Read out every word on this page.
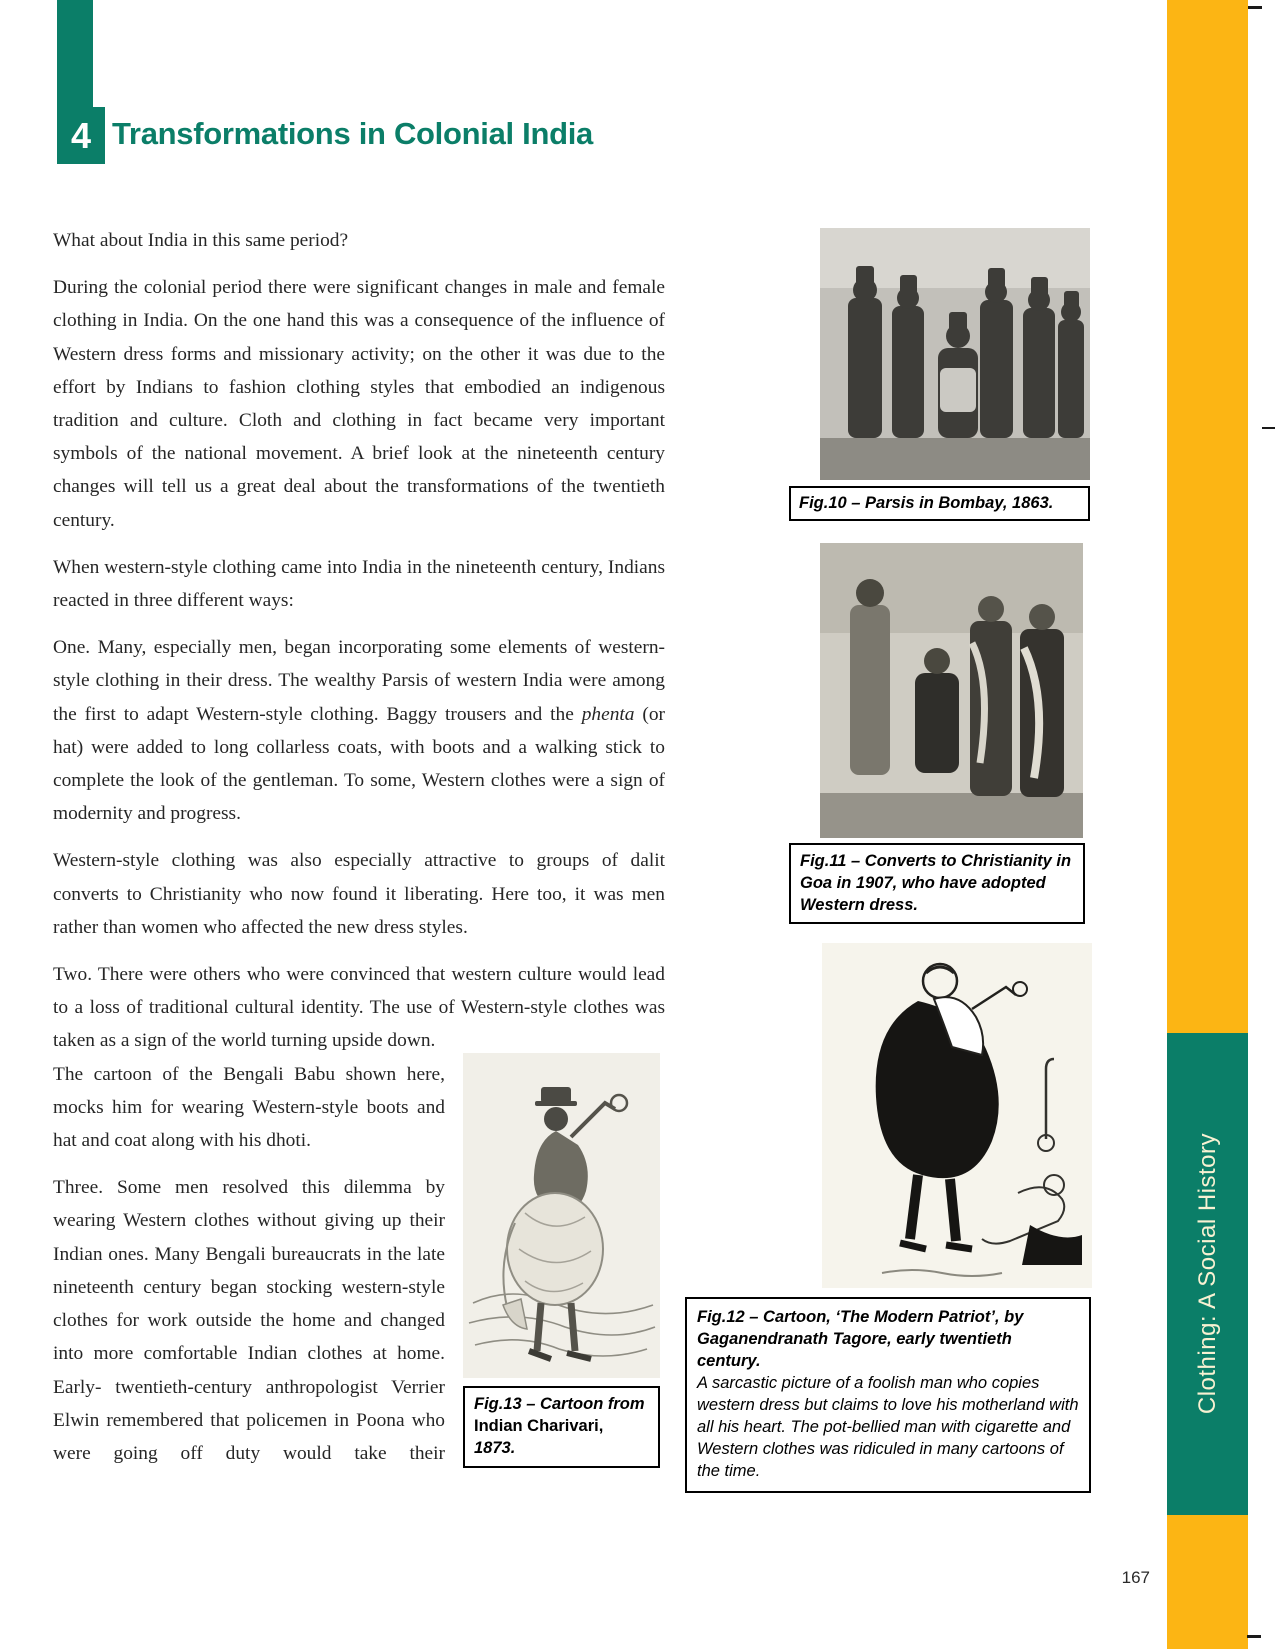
Clothing: A Social History
4 Transformations in Colonial India

What about India in this same period?

During the colonial period there were significant changes in male and female clothing in India. On the one hand this was a consequence of the influence of Western dress forms and missionary activity; on the other it was due to the effort by Indians to fashion clothing styles that embodied an indigenous tradition and culture. Cloth and clothing in fact became very important symbols of the national movement. A brief look at the nineteenth century changes will tell us a great deal about the transformations of the twentieth century.

When western-style clothing came into India in the nineteenth century, Indians reacted in three different ways:

One. Many, especially men, began incorporating some elements of western-style clothing in their dress. The wealthy Parsis of western India were among the first to adapt Western-style clothing. Baggy trousers and the phenta (or hat) were added to long collarless coats, with boots and a walking stick to complete the look of the gentleman. To some, Western clothes were a sign of modernity and progress.

Western-style clothing was also especially attractive to groups of dalit converts to Christianity who now found it liberating. Here too, it was men rather than women who affected the new dress styles.

Two. There were others who were convinced that western culture would lead to a loss of traditional cultural identity. The use of Western-style clothes was taken as a sign of the world turning upside down.

The cartoon of the Bengali Babu shown here, mocks him for wearing Western-style boots and hat and coat along with his dhoti.

Three. Some men resolved this dilemma by wearing Western clothes without giving up their Indian ones. Many Bengali bureaucrats in the late nineteenth century began stocking western-style clothes for work outside the home and changed into more comfortable Indian clothes at home. Early- twentieth-century anthropologist Verrier Elwin remembered that policemen in Poona who were going off duty would take their

Fig.10 – Parsis in Bombay, 1863.
Fig.11 – Converts to Christianity in Goa in 1907, who have adopted Western dress.
Fig.12 – Cartoon, ‘The Modern Patriot’, by Gaganendranath Tagore, early twentieth century.
A sarcastic picture of a foolish man who copies western dress but claims to love his motherland with all his heart. The pot-bellied man with cigarette and Western clothes was ridiculed in many cartoons of the time.
Fig.13 – Cartoon from Indian Charivari, 1873.
167
